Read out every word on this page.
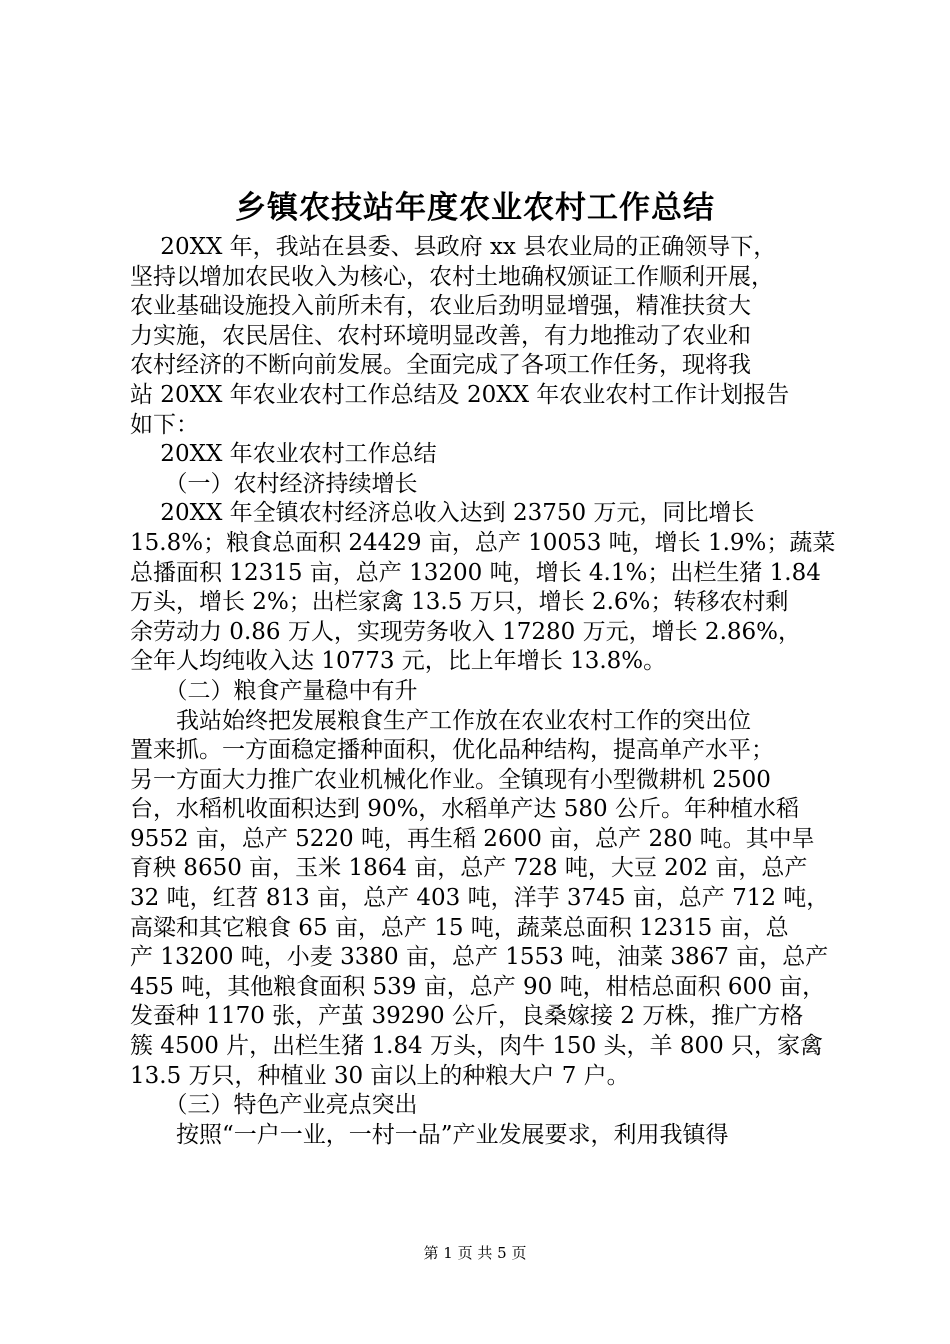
乡镇农技站年度农业农村工作总结
　 20XX 年，我站在县委、县政府 xx 县农业局的正确领导下，
坚持以增加农民收入为核心，农村土地确权颁证工作顺利开展，
农业基础设施投入前所未有，农业后劲明显增强，精准扶贫大
力实施，农民居住、农村环境明显改善，有力地推动了农业和
农村经济的不断向前发展。全面完成了各项工作任务，现将我
站 20XX 年农业农村工作总结及 20XX 年农业农村工作计划报告
如下：
　 20XX 年农业农村工作总结
　　（一）农村经济持续增长
　 20XX 年全镇农村经济总收入达到 23750 万元，同比增长
15.8%；粮食总面积 24429 亩，总产 10053 吨，增长 1.9%；蔬菜
总播面积 12315 亩，总产 13200 吨，增长 4.1%；出栏生猪 1.84
万头，增长 2%；出栏家禽 13.5 万只，增长 2.6%；转移农村剩
余劳动力 0.86 万人，实现劳务收入 17280 万元，增长 2.86%，
全年人均纯收入达 10773 元，比上年增长 13.8%。
　　（二）粮食产量稳中有升
　　我站始终把发展粮食生产工作放在农业农村工作的突出位
置来抓。一方面稳定播种面积，优化品种结构，提高单产水平；
另一方面大力推广农业机械化作业。全镇现有小型微耕机 2500
台，水稻机收面积达到 90%，水稻单产达 580 公斤。年种植水稻
9552 亩，总产 5220 吨，再生稻 2600 亩，总产 280 吨。其中旱
育秧 8650 亩，玉米 1864 亩，总产 728 吨，大豆 202 亩，总产
32 吨，红苕 813 亩，总产 403 吨，洋芋 3745 亩，总产 712 吨，
高粱和其它粮食 65 亩，总产 15 吨，蔬菜总面积 12315 亩，总
产 13200 吨，小麦 3380 亩，总产 1553 吨，油菜 3867 亩，总产
455 吨，其他粮食面积 539 亩，总产 90 吨，柑桔总面积 600 亩，
发蚕种 1170 张，产茧 39290 公斤，良桑嫁接 2 万株，推广方格
簇 4500 片，出栏生猪 1.84 万头，肉牛 150 头，羊 800 只，家禽
13.5 万只，种植业 30 亩以上的种粮大户 7 户。
　　（三）特色产业亮点突出
　　按照“一户一业，一村一品”产业发展要求，利用我镇得
第 1 页 共 5 页
